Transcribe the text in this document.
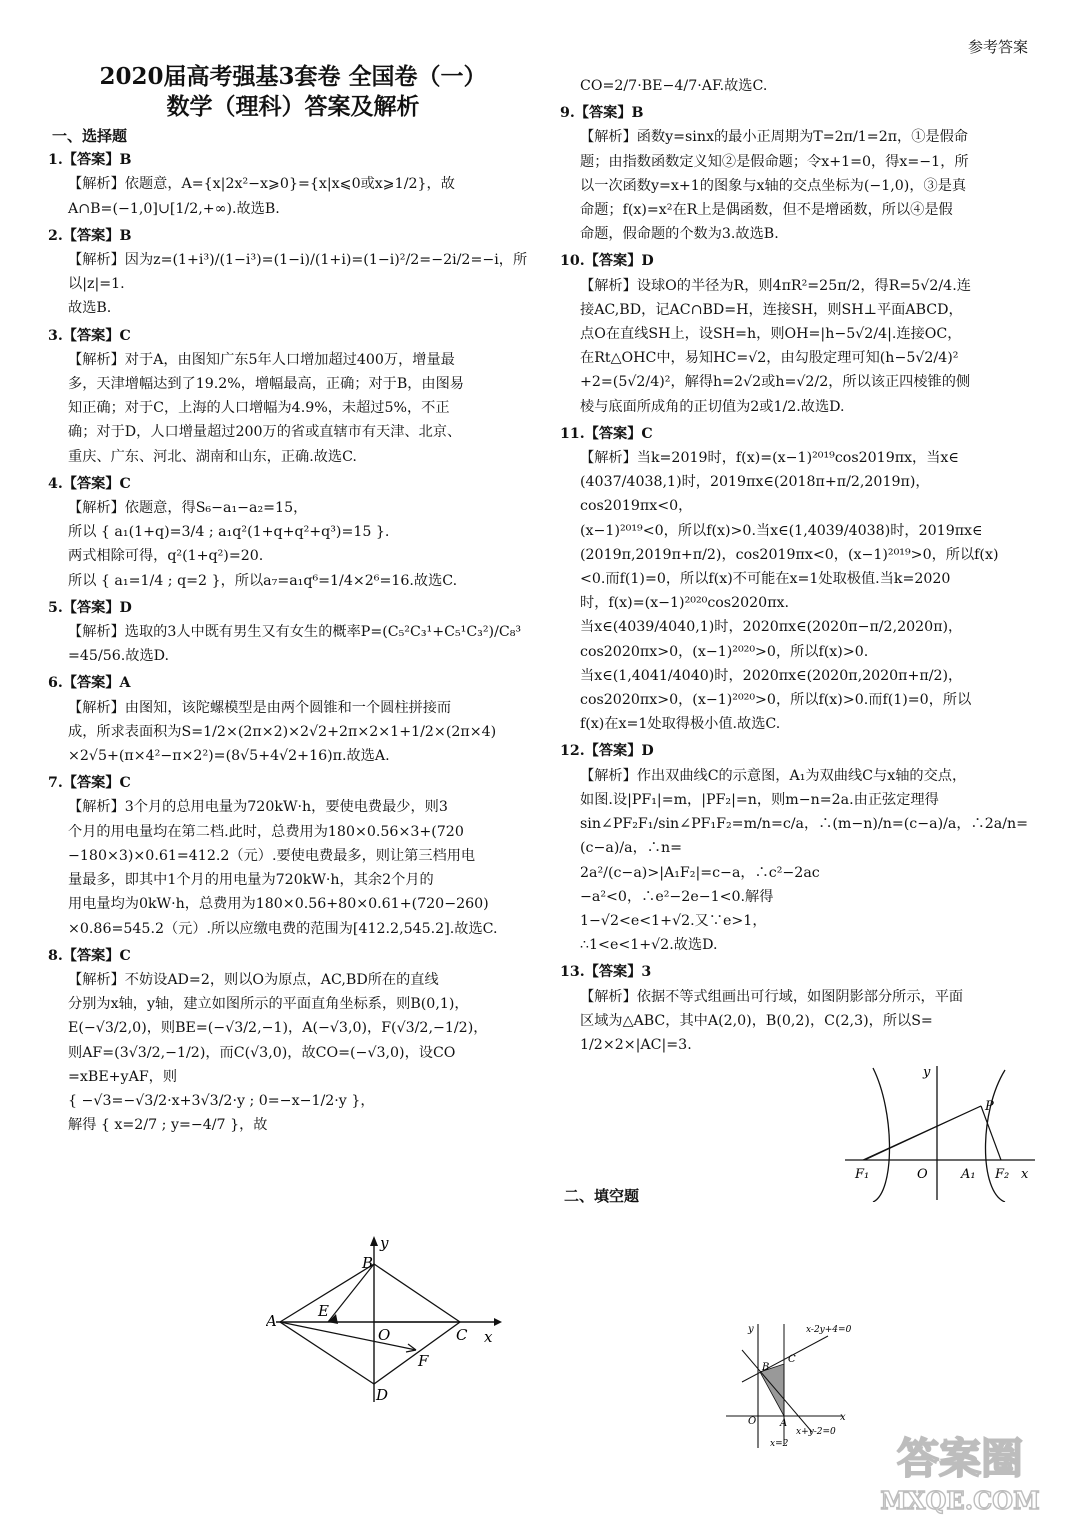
参考答案
2020届高考强基3套卷 全国卷（一）
数学（理科）答案及解析
一、选择题
1.【答案】B

【解析】依题意，A={x|2x²−x⩾0}={x|x⩽0或x⩾1/2}，故

A∩B=(−1,0]∪[1/2,+∞).故选B.

2.【答案】B

【解析】因为z=(1+i³)/(1−i³)=(1−i)/(1+i)=(1−i)²/2=−2i/2=−i，所以|z|=1.

故选B.

3.【答案】C

【解析】对于A，由图知广东5年人口增加超过400万，增量最

多，天津增幅达到了19.2%，增幅最高，正确；对于B，由图易

知正确；对于C，上海的人口增幅为4.9%，未超过5%，不正

确；对于D，人口增量超过200万的省或直辖市有天津、北京、

重庆、广东、河北、湖南和山东，正确.故选C.

4.【答案】C

【解析】依题意，得S₆−a₁−a₂=15，

所以 { a₁(1+q)=3/4 ; a₁q²(1+q+q²+q³)=15 }.

两式相除可得，q²(1+q²)=20.

所以 { a₁=1/4 ; q=2 }，所以a₇=a₁q⁶=1/4×2⁶=16.故选C.

5.【答案】D

【解析】选取的3人中既有男生又有女生的概率P=(C₅²C₃¹+C₅¹C₃²)/C₈³

=45/56.故选D.

6.【答案】A

【解析】由图知，该陀螺模型是由两个圆锥和一个圆柱拼接而

成，所求表面积为S=1/2×(2π×2)×2√2+2π×2×1+1/2×(2π×4)

×2√5+(π×4²−π×2²)=(8√5+4√2+16)π.故选A.

7.【答案】C

【解析】3个月的总用电量为720kW·h，要使电费最少，则3

个月的用电量均在第二档.此时，总费用为180×0.56×3+(720

−180×3)×0.61=412.2（元）.要使电费最多，则让第三档用电

量最多，即其中1个月的用电量为720kW·h，其余2个月的

用电量均为0kW·h，总费用为180×0.56+80×0.61+(720−260)

×0.86=545.2（元）.所以应缴电费的范围为[412.2,545.2].故选C.

8.【答案】C

【解析】不妨设AD=2，则以O为原点，AC,BD所在的直线

分别为x轴，y轴，建立如图所示的平面直角坐标系，则B(0,1)，

E(−√3/2,0)，则BE=(−√3/2,−1)，A(−√3,0)，F(√3/2,−1/2)，

则AF=(3√3/2,−1/2)，而C(√3,0)，故CO=(−√3,0)，设CO

=xBE+yAF，则

{ −√3=−√3/2·x+3√3/2·y ; 0=−x−1/2·y }，

解得 { x=2/7 ; y=−4/7 }，故

y
B
A
E
O	C x
F
D

CO=2/7·BE−4/7·AF.故选C.

9.【答案】B

【解析】函数y=sinx的最小正周期为T=2π/1=2π，①是假命

题；由指数函数定义知②是假命题；令x+1=0，得x=−1，所

以一次函数y=x+1的图象与x轴的交点坐标为(−1,0)，③是真

命题；f(x)=x²在R上是偶函数，但不是增函数，所以④是假

命题，假命题的个数为3.故选B.

10.【答案】D

【解析】设球O的半径为R，则4πR²=25π/2，得R=5√2/4.连

接AC,BD，记AC∩BD=H，连接SH，则SH⊥平面ABCD，

点O在直线SH上，设SH=h，则OH=|h−5√2/4|.连接OC，

在Rt△OHC中，易知HC=√2，由勾股定理可知(h−5√2/4)²

+2=(5√2/4)²，解得h=2√2或h=√2/2，所以该正四棱锥的侧

棱与底面所成角的正切值为2或1/2.故选D.

11.【答案】C

【解析】当k=2019时，f(x)=(x−1)²⁰¹⁹cos2019πx，当x∈

(4037/4038,1)时，2019πx∈(2018π+π/2,2019π)，cos2019πx<0，

(x−1)²⁰¹⁹<0，所以f(x)>0.当x∈(1,4039/4038)时，2019πx∈

(2019π,2019π+π/2)，cos2019πx<0，(x−1)²⁰¹⁹>0，所以f(x)

<0.而f(1)=0，所以f(x)不可能在x=1处取极值.当k=2020

时，f(x)=(x−1)²⁰²⁰cos2020πx.

当x∈(4039/4040,1)时，2020πx∈(2020π−π/2,2020π)，

cos2020πx>0，(x−1)²⁰²⁰>0，所以f(x)>0.

当x∈(1,4041/4040)时，2020πx∈(2020π,2020π+π/2)，

cos2020πx>0，(x−1)²⁰²⁰>0，所以f(x)>0.而f(1)=0，所以

f(x)在x=1处取得极小值.故选C.

12.【答案】D

【解析】作出双曲线C的示意图，A₁为双曲线C与x轴的交点，

如图.设|PF₁|=m，|PF₂|=n，则m−n=2a.由正弦定理得

sin∠PF₂F₁/sin∠PF₁F₂=m/n=c/a，∴(m−n)/n=(c−a)/a，∴2a/n=(c−a)/a，∴n=

2a²/(c−a)>|A₁F₂|=c−a，∴c²−2ac

−a²<0，∴e²−2e−1<0.解得

1−√2<e<1+√2.又∵e>1，

∴1<e<1+√2.故选D.

13.【答案】3

【解析】依据不等式组画出可行域，如图阴影部分所示，平面

区域为△ABC，其中A(2,0)，B(0,2)，C(2,3)，所以S=

1/2×2×|AC|=3.

二、填空题
y
P
F₁	O	A₁ F₂ x
x
y	x-2y+4=0
B
C
O A
x=2
x+y-2=0
答案圈
MXQE.COM
